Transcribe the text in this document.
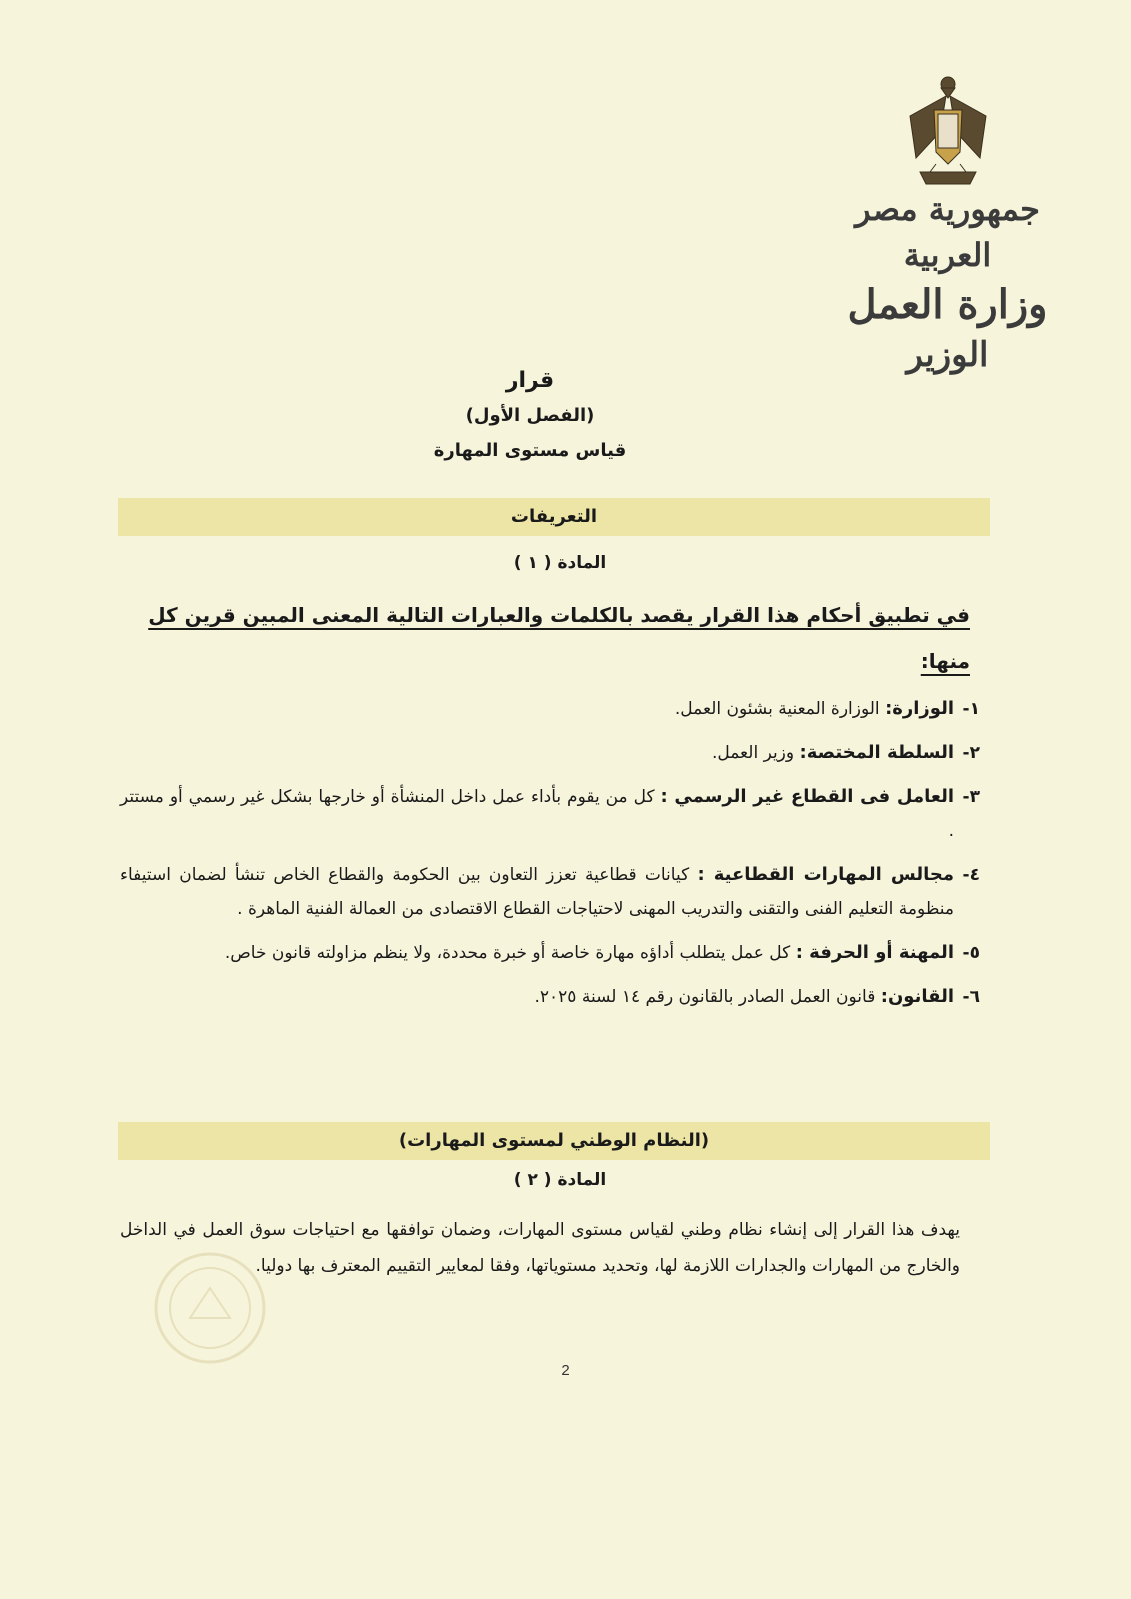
جمهورية مصر العربية
وزارة العمل
الوزير
قرار
(الفصل الأول)
قياس مستوى المهارة
التعريفات
المادة ( ١ )
في تطبيق أحكام هذا القرار يقصد بالكلمات والعبارات التالية المعنى المبين قرين كل منها:
١-
الوزارة: الوزارة المعنية بشئون العمل.
٢-
السلطة المختصة: وزير العمل.
٣-
العامل فى القطاع غير الرسمي : كل من يقوم بأداء عمل داخل المنشأة أو خارجها بشكل غير رسمي أو مستتر .
٤-
مجالس المهارات القطاعية : كيانات قطاعية تعزز التعاون بين الحكومة والقطاع الخاص تنشأ لضمان استيفاء منظومة التعليم الفنى والتقنى والتدريب المهنى لاحتياجات القطاع الاقتصادى من العمالة الفنية الماهرة .
٥-
المهنة أو الحرفة : كل عمل يتطلب أداؤه مهارة خاصة أو خبرة محددة، ولا ينظم مزاولته قانون خاص.
٦-
القانون: قانون العمل الصادر بالقانون رقم ١٤ لسنة ٢٠٢٥.
(النظام الوطني لمستوى المهارات)
المادة ( ٢ )
يهدف هذا القرار إلى إنشاء نظام وطني لقياس مستوى المهارات، وضمان توافقها مع احتياجات سوق العمل في الداخل والخارج من المهارات والجدارات اللازمة لها، وتحديد مستوياتها، وفقا لمعايير التقييم المعترف بها دوليا.
2
